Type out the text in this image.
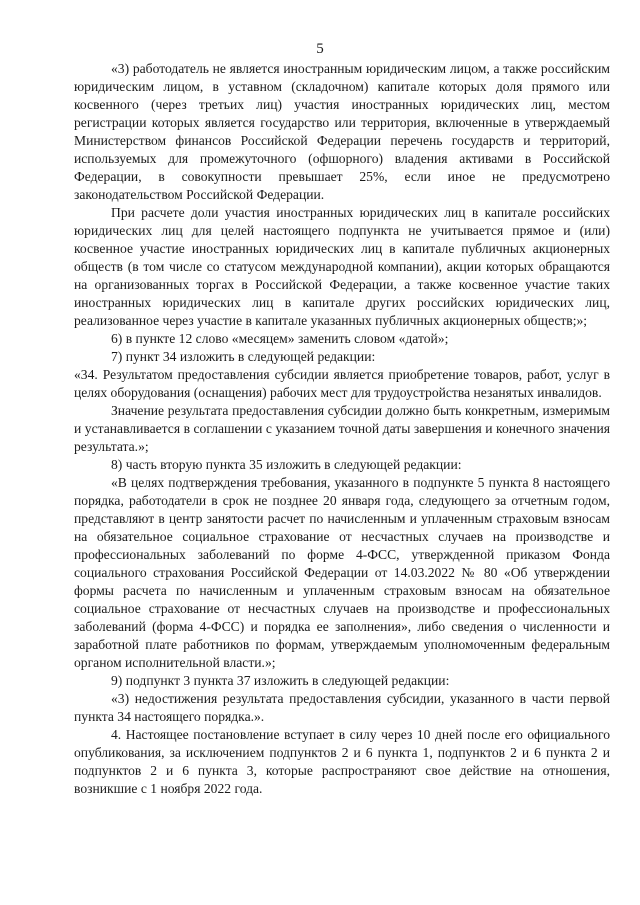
5

«3) работодатель не является иностранным юридическим лицом, а также российским юридическим лицом, в уставном (складочном) капитале которых доля прямого или косвенного (через третьих лиц) участия иностранных юридических лиц, местом регистрации которых является государство или территория, включенные в утверждаемый Министерством финансов Российской Федерации перечень государств и территорий, используемых для промежуточного (офшорного) владения активами в Российской Федерации, в совокупности превышает 25%, если иное не предусмотрено законодательством Российской Федерации.

При расчете доли участия иностранных юридических лиц в капитале российских юридических лиц для целей настоящего подпункта не учитывается прямое и (или) косвенное участие иностранных юридических лиц в капитале публичных акционерных обществ (в том числе со статусом международной компании), акции которых обращаются на организованных торгах в Российской Федерации, а также косвенное участие таких иностранных юридических лиц в капитале других российских юридических лиц, реализованное через участие в капитале указанных публичных акционерных обществ;»;

6) в пункте 12 слово «месяцем» заменить словом «датой»;

7) пункт 34 изложить в следующей редакции:

«34. Результатом предоставления субсидии является приобретение товаров, работ, услуг в целях оборудования (оснащения) рабочих мест для трудоустройства незанятых инвалидов.

Значение результата предоставления субсидии должно быть конкретным, измеримым и устанавливается в соглашении с указанием точной даты завершения и конечного значения результата.»;

8) часть вторую пункта 35 изложить в следующей редакции:

«В целях подтверждения требования, указанного в подпункте 5 пункта 8 настоящего порядка, работодатели в срок не позднее 20 января года, следующего за отчетным годом, представляют в центр занятости расчет по начисленным и уплаченным страховым взносам на обязательное социальное страхование от несчастных случаев на производстве и профессиональных заболеваний по форме 4-ФСС, утвержденной приказом Фонда социального страхования Российской Федерации от 14.03.2022 № 80 «Об утверждении формы расчета по начисленным и уплаченным страховым взносам на обязательное социальное страхование от несчастных случаев на производстве и профессиональных заболеваний (форма 4-ФСС) и порядка ее заполнения», либо сведения о численности и заработной плате работников по формам, утверждаемым уполномоченным федеральным органом исполнительной власти.»;

9) подпункт 3 пункта 37 изложить в следующей редакции:

«3) недостижения результата предоставления субсидии, указанного в части первой пункта 34 настоящего порядка.».

4. Настоящее постановление вступает в силу через 10 дней после его официального опубликования, за исключением подпунктов 2 и 6 пункта 1, подпунктов 2 и 6 пункта 2 и подпунктов 2 и 6 пункта 3, которые распространяют свое действие на отношения, возникшие с 1 ноября 2022 года.
